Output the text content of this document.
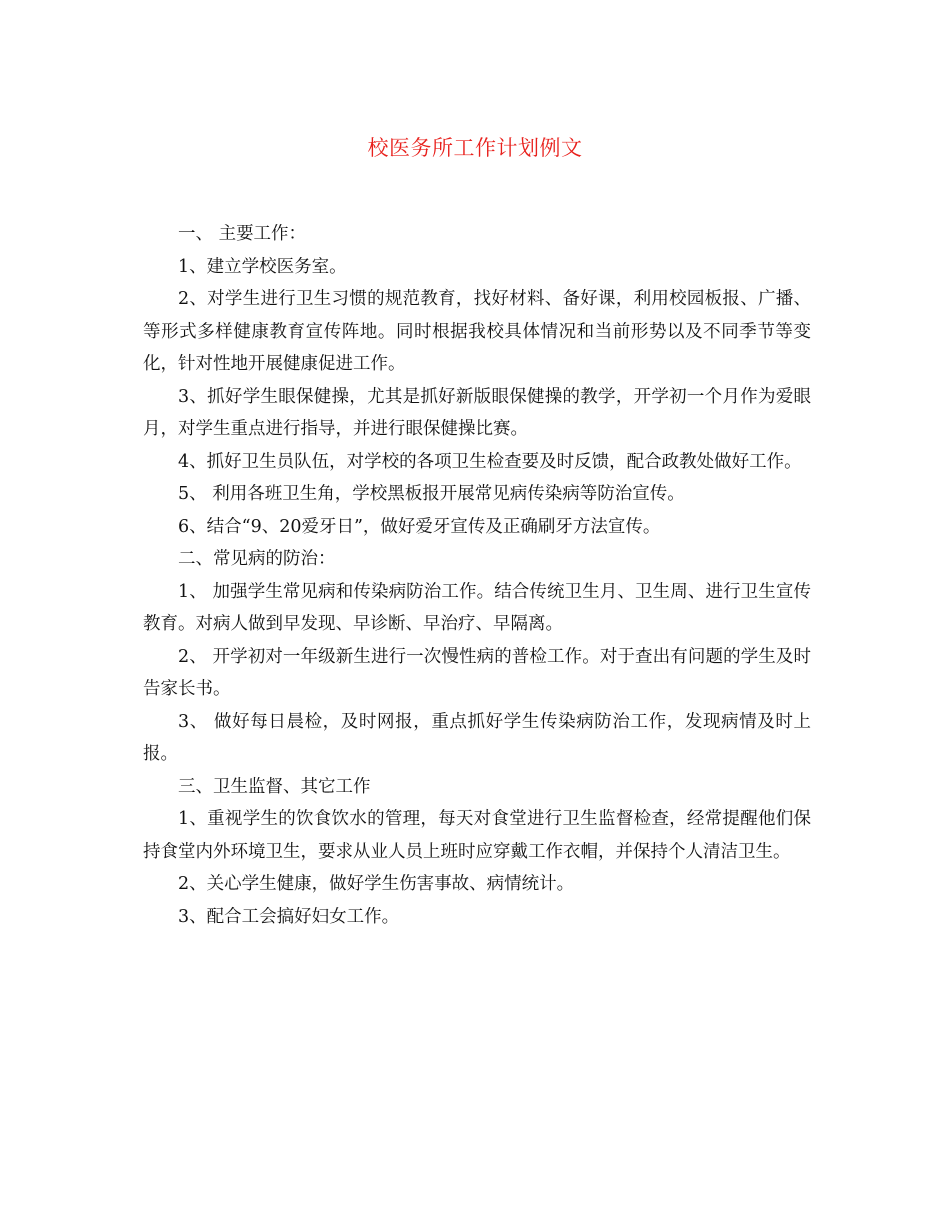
校医务所工作计划例文

一、 主要工作：

1、建立学校医务室。

2、对学生进行卫生习惯的规范教育，找好材料、备好课，利用校园板报、广播、等形式多样健康教育宣传阵地。同时根据我校具体情况和当前形势以及不同季节等变化，针对性地开展健康促进工作。

3、抓好学生眼保健操，尤其是抓好新版眼保健操的教学，开学初一个月作为爱眼月，对学生重点进行指导，并进行眼保健操比赛。

4、抓好卫生员队伍，对学校的各项卫生检查要及时反馈，配合政教处做好工作。

5、 利用各班卫生角，学校黑板报开展常见病传染病等防治宣传。

6、结合“9、20爱牙日”，做好爱牙宣传及正确刷牙方法宣传。

二、常见病的防治：

1、 加强学生常见病和传染病防治工作。结合传统卫生月、卫生周、进行卫生宣传教育。对病人做到早发现、早诊断、早治疗、早隔离。

2、 开学初对一年级新生进行一次慢性病的普检工作。对于查出有问题的学生及时告家长书。

3、 做好每日晨检，及时网报，重点抓好学生传染病防治工作，发现病情及时上报。

三、卫生监督、其它工作

1、重视学生的饮食饮水的管理，每天对食堂进行卫生监督检查，经常提醒他们保持食堂内外环境卫生，要求从业人员上班时应穿戴工作衣帽，并保持个人清洁卫生。

2、关心学生健康，做好学生伤害事故、病情统计。

3、配合工会搞好妇女工作。
